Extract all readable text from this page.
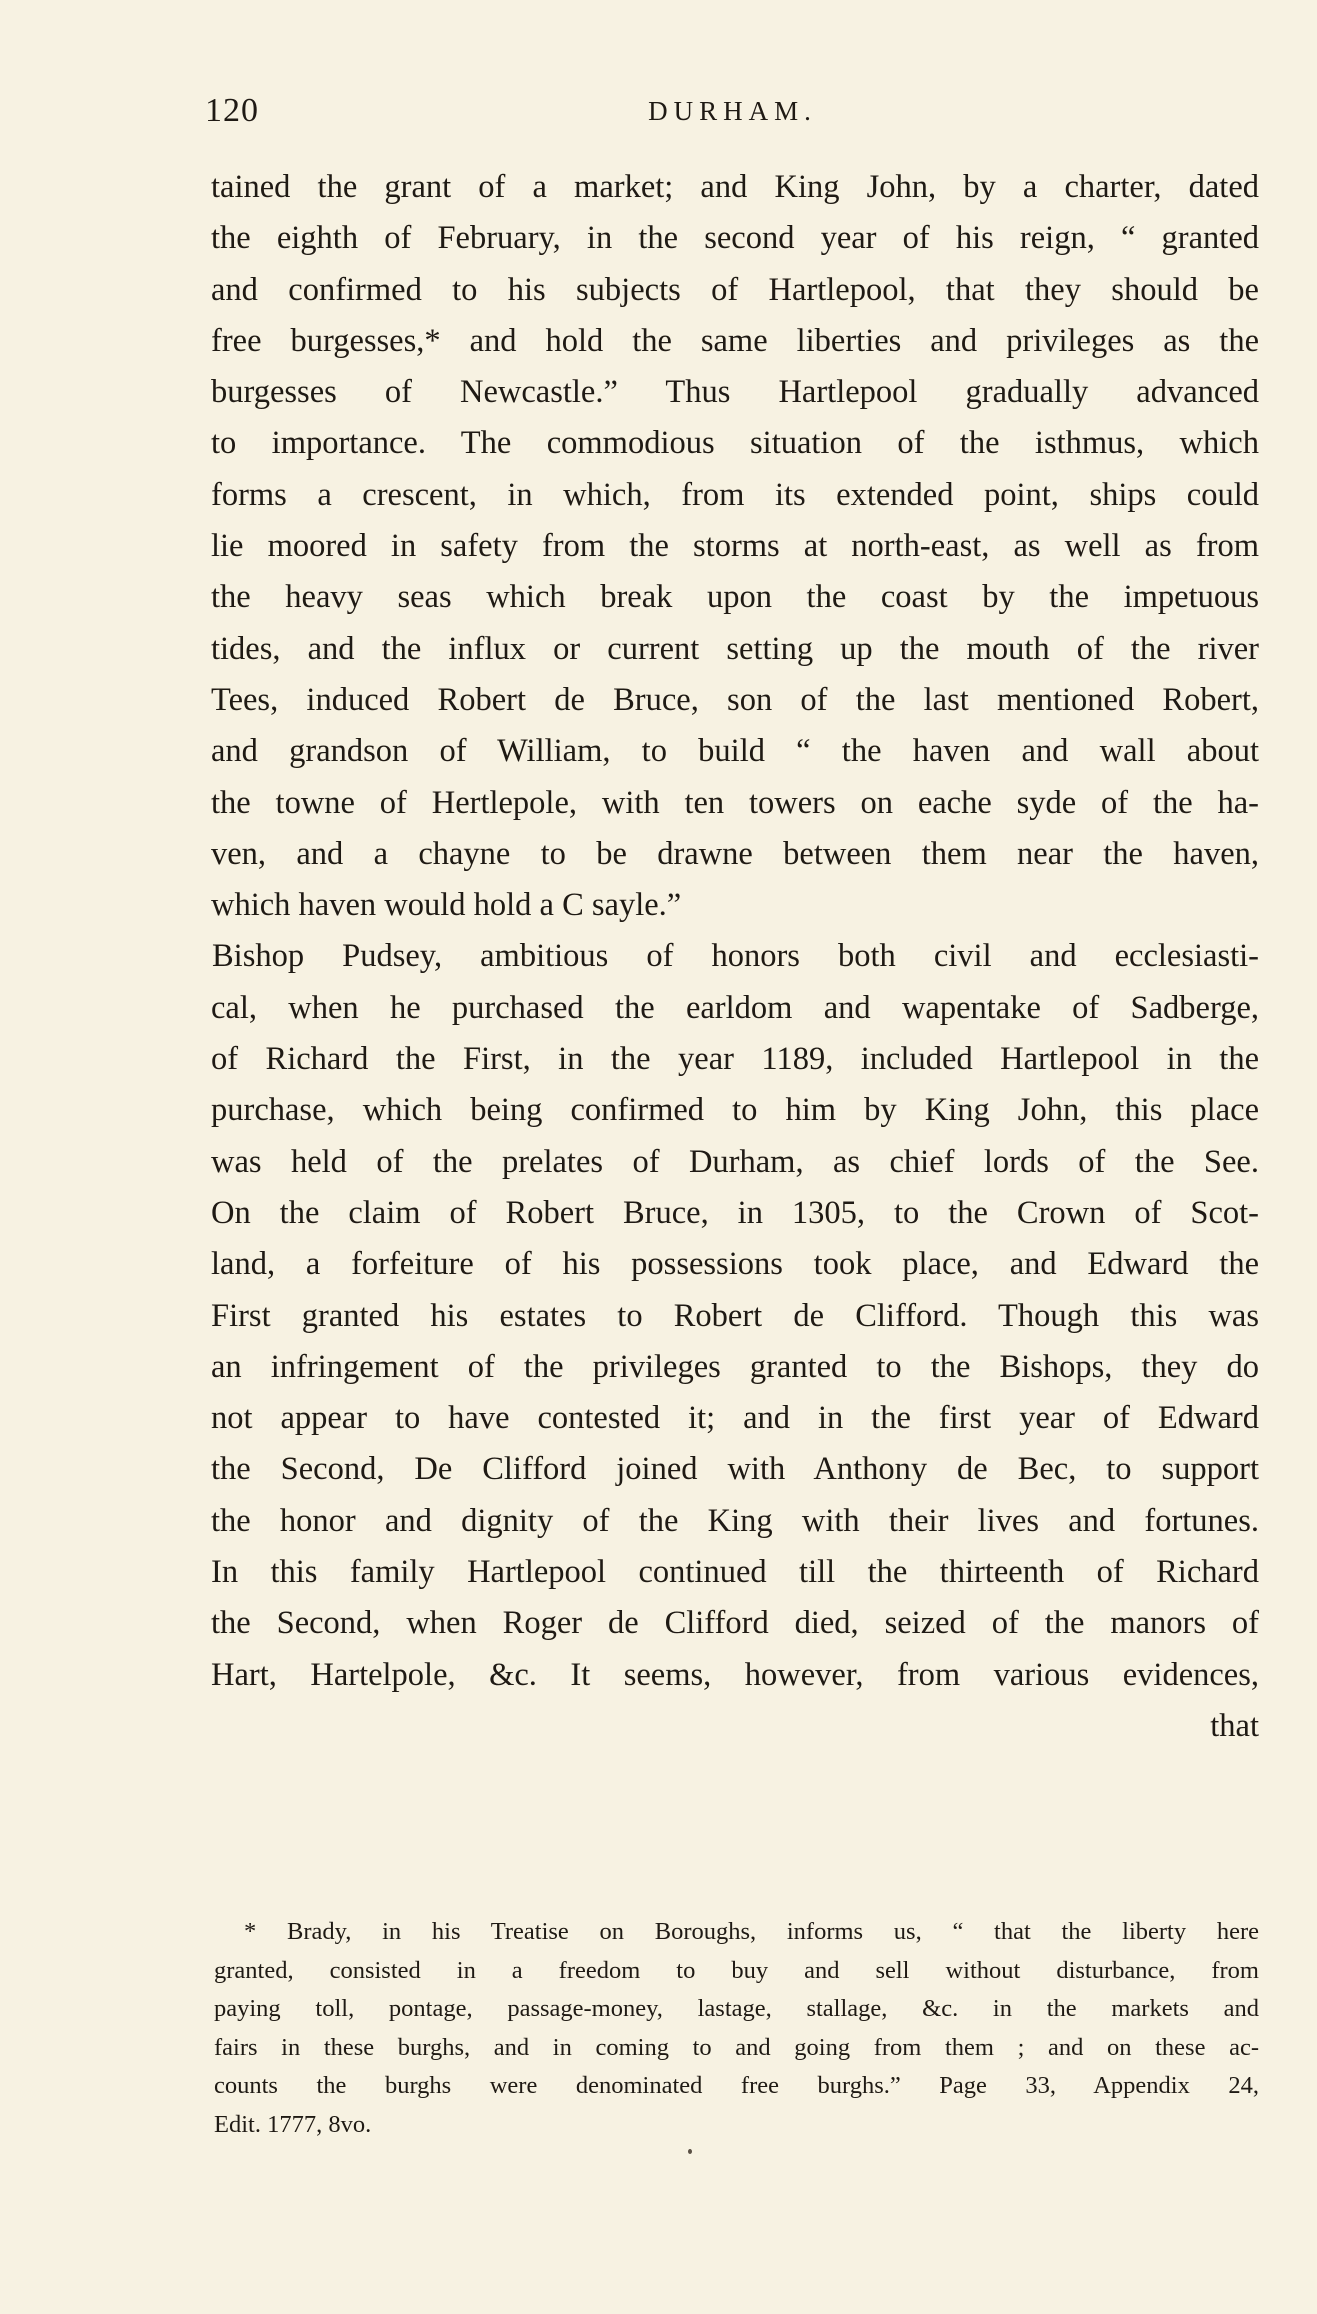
120	DURHAM.
tained the grant of a market; and King John, by a charter, dated
the eighth of February, in the second year of his reign, “ granted
and confirmed to his subjects of Hartlepool, that they should be
free burgesses,* and hold the same liberties and privileges as the
burgesses of Newcastle.” Thus Hartlepool gradually advanced
to importance. The commodious situation of the isthmus, which
forms a crescent, in which, from its extended point, ships could
lie moored in safety from the storms at north-east, as well as from
the heavy seas which break upon the coast by the impetuous
tides, and the influx or current setting up the mouth of the river
Tees, induced Robert de Bruce, son of the last mentioned Robert,
and grandson of William, to build “ the haven and wall about
the towne of Hertlepole, with ten towers on eache syde of the ha-
ven, and a chayne to be drawne between them near the haven,
which haven would hold a C sayle.”
Bishop Pudsey, ambitious of honors both civil and ecclesiasti-
cal, when he purchased the earldom and wapentake of Sadberge,
of Richard the First, in the year 1189, included Hartlepool in the
purchase, which being confirmed to him by King John, this place
was held of the prelates of Durham, as chief lords of the See.
On the claim of Robert Bruce, in 1305, to the Crown of Scot-
land, a forfeiture of his possessions took place, and Edward the
First granted his estates to Robert de Clifford. Though this was
an infringement of the privileges granted to the Bishops, they do
not appear to have contested it; and in the first year of Edward
the Second, De Clifford joined with Anthony de Bec, to support
the honor and dignity of the King with their lives and fortunes.
In this family Hartlepool continued till the thirteenth of Richard
the Second, when Roger de Clifford died, seized of the manors of
Hart, Hartelpole, &c. It seems, however, from various evidences,
that
* Brady, in his Treatise on Boroughs, informs us, “ that the liberty here
granted, consisted in a freedom to buy and sell without disturbance, from
paying toll, pontage, passage-money, lastage, stallage, &c. in the markets and
fairs in these burghs, and in coming to and going from them ; and on these ac-
counts the burghs were denominated free burghs.” Page 33, Appendix 24,
Edit. 1777, 8vo.
